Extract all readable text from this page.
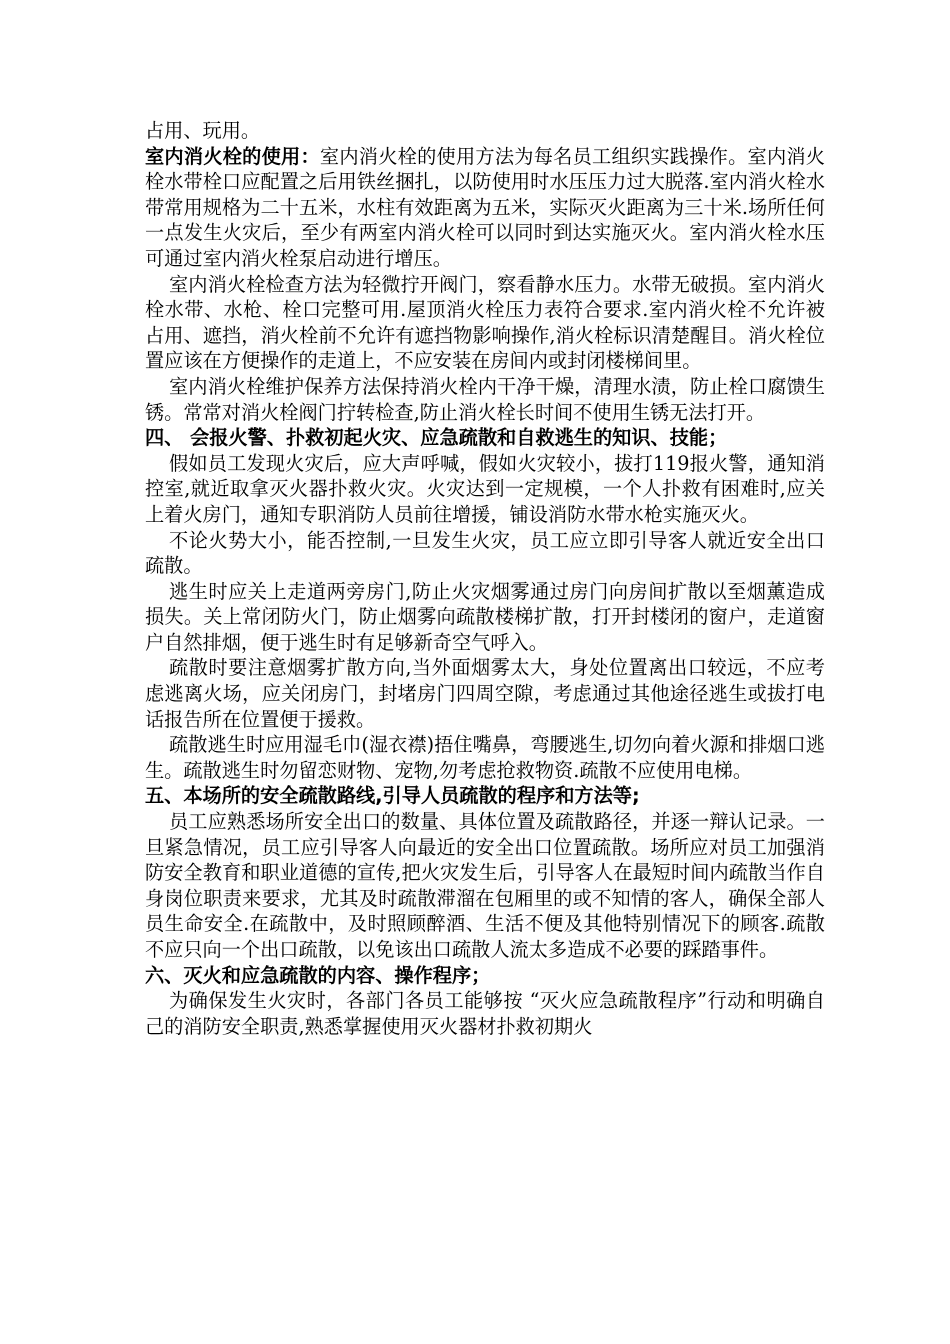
占用、玩用。

室内消火栓的使用：室内消火栓的使用方法为每名员工组织实践操作。室内消火栓水带栓口应配置之后用铁丝捆扎，以防使用时水压压力过大脱落.室内消火栓水带常用规格为二十五米，水柱有效距离为五米，实际灭火距离为三十米.场所任何一点发生火灾后，至少有两室内消火栓可以同时到达实施灭火。室内消火栓水压可通过室内消火栓泵启动进行增压。

室内消火栓检查方法为轻微拧开阀门，察看静水压力。水带无破损。室内消火栓水带、水枪、栓口完整可用.屋顶消火栓压力表符合要求.室内消火栓不允许被占用、遮挡，消火栓前不允许有遮挡物影响操作,消火栓标识清楚醒目。消火栓位置应该在方便操作的走道上，不应安装在房间内或封闭楼梯间里。

室内消火栓维护保养方法保持消火栓内干净干燥，清理水渍，防止栓口腐馈生锈。常常对消火栓阀门拧转检查,防止消火栓长时间不使用生锈无法打开。

四、 会报火警、扑救初起火灾、应急疏散和自救逃生的知识、技能；

假如员工发现火灾后，应大声呼喊，假如火灾较小，拔打119报火警，通知消控室,就近取拿灭火器扑救火灾。火灾达到一定规模，一个人扑救有困难时,应关上着火房门，通知专职消防人员前往增援，铺设消防水带水枪实施灭火。

不论火势大小，能否控制,一旦发生火灾，员工应立即引导客人就近安全出口疏散。

逃生时应关上走道两旁房门,防止火灾烟雾通过房门向房间扩散以至烟薰造成损失。关上常闭防火门，防止烟雾向疏散楼梯扩散，打开封楼闭的窗户，走道窗户自然排烟，便于逃生时有足够新奇空气呼入。

疏散时要注意烟雾扩散方向,当外面烟雾太大，身处位置离出口较远，不应考虑逃离火场，应关闭房门，封堵房门四周空隙，考虑通过其他途径逃生或拔打电话报告所在位置便于援救。

疏散逃生时应用湿毛巾(湿衣襟)捂住嘴鼻，弯腰逃生,切勿向着火源和排烟口逃生。疏散逃生时勿留恋财物、宠物,勿考虑抢救物资.疏散不应使用电梯。

五、本场所的安全疏散路线,引导人员疏散的程序和方法等;

员工应熟悉场所安全出口的数量、具体位置及疏散路径，并逐一辩认记录。一旦紧急情况，员工应引导客人向最近的安全出口位置疏散。场所应对员工加强消防安全教育和职业道德的宣传,把火灾发生后，引导客人在最短时间内疏散当作自身岗位职责来要求，尤其及时疏散滞溜在包厢里的或不知情的客人，确保全部人员生命安全.在疏散中，及时照顾醉酒、生活不便及其他特别情况下的顾客.疏散不应只向一个出口疏散，以免该出口疏散人流太多造成不必要的踩踏事件。

六、灭火和应急疏散的内容、操作程序；

为确保发生火灾时，各部门各员工能够按 “灭火应急疏散程序”行动和明确自己的消防安全职责,熟悉掌握使用灭火器材扑救初期火
